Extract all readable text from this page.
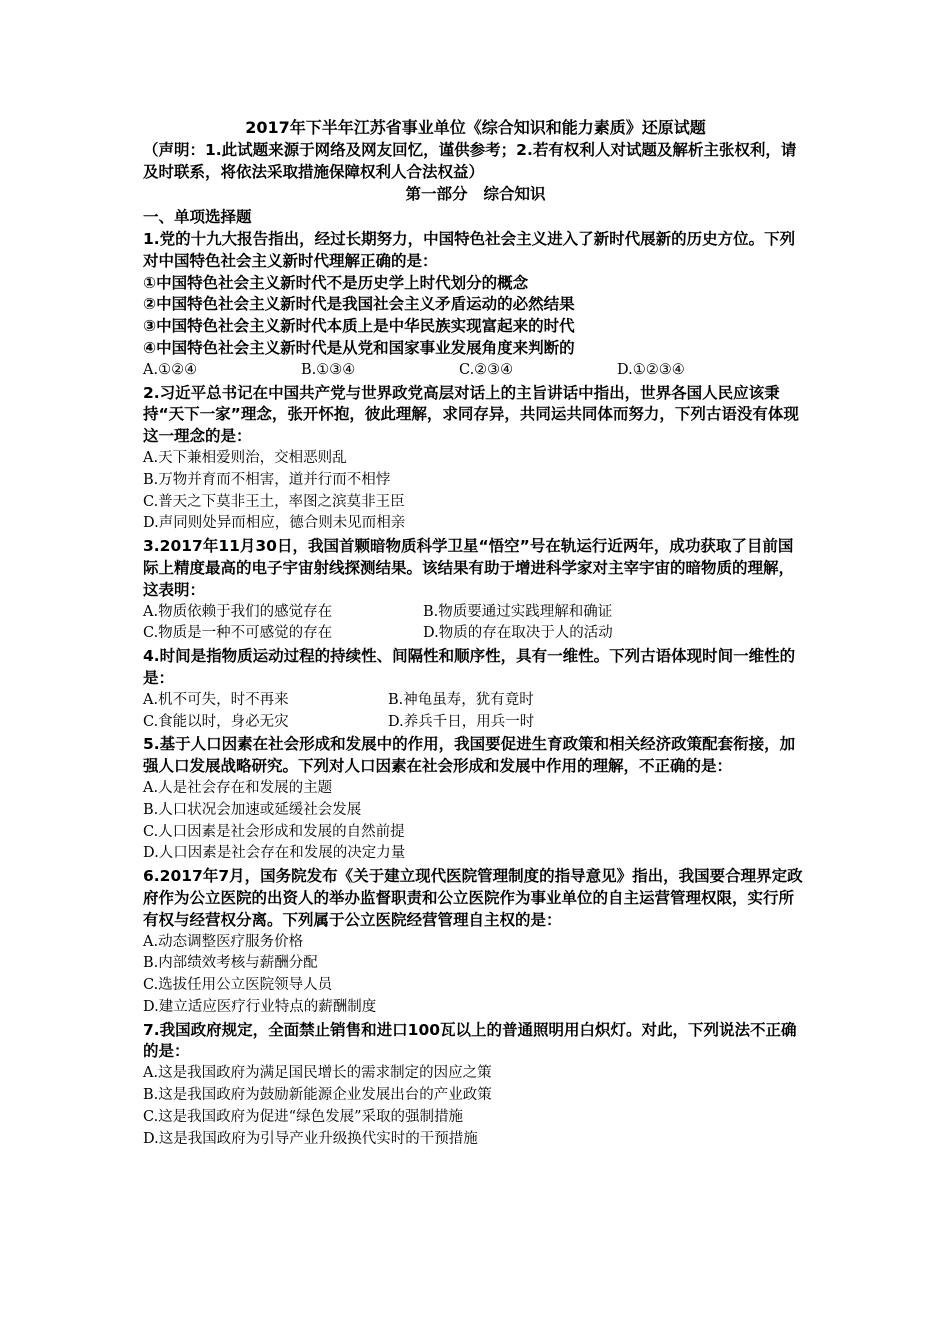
2017年下半年江苏省事业单位《综合知识和能力素质》还原试题
（声明：1.此试题来源于网络及网友回忆，谨供参考；2.若有权利人对试题及解析主张权利，请及时联系，将依法采取措施保障权利人合法权益）
第一部分 综合知识
一、单项选择题
1.党的十九大报告指出，经过长期努力，中国特色社会主义进入了新时代展新的历史方位。下列对中国特色社会主义新时代理解正确的是：
①中国特色社会主义新时代不是历史学上时代划分的概念
②中国特色社会主义新时代是我国社会主义矛盾运动的必然结果
③中国特色社会主义新时代本质上是中华民族实现富起来的时代
④中国特色社会主义新时代是从党和国家事业发展角度来判断的
A.①②④	B.①③④	C.②③④	D.①②③④
2.习近平总书记在中国共产党与世界政党高层对话上的主旨讲话中指出，世界各国人民应该秉持“天下一家”理念，张开怀抱，彼此理解，求同存异，共同运共同体而努力，下列古语没有体现这一理念的是：
A.天下兼相爱则治，交相恶则乱
B.万物并育而不相害，道并行而不相悖
C.普天之下莫非王土，率图之滨莫非王臣
D.声同则处异而相应，德合则未见而相亲
3.2017年11月30日，我国首颗暗物质科学卫星“悟空”号在轨运行近两年，成功获取了目前国际上精度最高的电子宇宙射线探测结果。该结果有助于增进科学家对主宰宇宙的暗物质的理解，这表明：
A.物质依赖于我们的感觉存在	B.物质要通过实践理解和确证
C.物质是一种不可感觉的存在	D.物质的存在取决于人的活动
4.时间是指物质运动过程的持续性、间隔性和顺序性，具有一维性。下列古语体现时间一维性的是：
A.机不可失，时不再来	B.神龟虽寿，犹有竟时
C.食能以时，身必无灾	D.养兵千日，用兵一时
5.基于人口因素在社会形成和发展中的作用，我国要促进生育政策和相关经济政策配套衔接，加强人口发展战略研究。下列对人口因素在社会形成和发展中作用的理解，不正确的是：
A.人是社会存在和发展的主题
B.人口状况会加速或延缓社会发展
C.人口因素是社会形成和发展的自然前提
D.人口因素是社会存在和发展的决定力量
6.2017年7月，国务院发布《关于建立现代医院管理制度的指导意见》指出，我国要合理界定政府作为公立医院的出资人的举办监督职责和公立医院作为事业单位的自主运营管理权限，实行所有权与经营权分离。下列属于公立医院经营管理自主权的是：
A.动态调整医疗服务价格
B.内部绩效考核与薪酬分配
C.选拔任用公立医院领导人员
D.建立适应医疗行业特点的薪酬制度
7.我国政府规定，全面禁止销售和进口100瓦以上的普通照明用白炽灯。对此，下列说法不正确的是：
A.这是我国政府为满足国民增长的需求制定的因应之策
B.这是我国政府为鼓励新能源企业发展出台的产业政策
C.这是我国政府为促进“绿色发展”采取的强制措施
D.这是我国政府为引导产业升级换代实时的干预措施
